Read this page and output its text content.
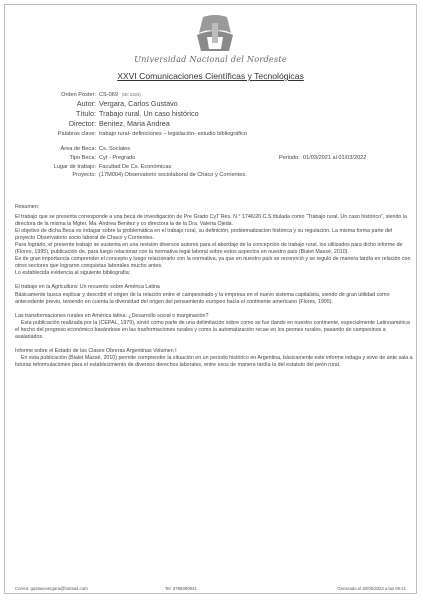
Universidad Nacional del Nordeste
XXVI Comunicaciones Científicas y Tecnológicas
Orden Poster: CS-069 (ID: 2334)
Autor: Vergara, Carlos Gustavo
Título: Trabajo rural. Un caso histórico
Director: Benitez, Maria Andrea
Palabras clave: trabajo rural- definiciones – legislación- estudio bibliográfico
Área de Beca: Cs. Sociales
Tipo Beca: Cyt - Pregrado	Periodo: 01/03/2021 al 01/03/2022
Lugar de trabajo: Facultad De Cs. Económicas
Proyecto: (17M004) Observatorio sociolaboral de Chaco y Corrientes.

Resumen:

El trabajo que se presenta corresponde a una beca de investigación de Pre Grado CyT Res. N.° 1746/20 C.S titulada como “Trabajo rural. Un caso histórico”, siendo la directora de la misma la Mgter. Ma. Andrea Benitez y co directora la de la Dra. Valeria Ojeda.

El objetivo de dicha Beca es indagar sobre la problemática en el trabajo rural, su definición, problematizacion histórica y su regulación. La misma forma parte del proyecto Observatorio socio laboral de Chaco y Corrientes.

Para lograrlo, el presente trabajo se sustenta en una revisión diversos autores para el abordaje de la concepción de trabajo rural, los utilizados para dicho informe de (Flores, 1995), publicación de, para luego relacionar con la normativa legal laboral sobre estos aspectos en nuestro país (Bialet Massé, 2010).

Es de gran importancia comprender el concepto y luego relacionarlo con la normativa, ya que en nuestro país se reconoció y se reguló de manera tardía en relación con otros sectores que lograron conquistas laborales mucho antes.

Lo establecida evidencia al siguiente bibliografía:

El trabajo en la Agricultura: Un recuento sobre América Latina

Básicamente busca explicar y describir el origen de la relación entre el campesinado y la empresa en el nuevo sistema capitalista, siendo de gran utilidad como antecedente previo, teniendo en cuenta la diversidad del origen del pensamiento europeo hacia el continente americano (Flores, 1995).

Las transformaciones rurales en América latina: ¿Desarrollo social o marginación?

Esta publicación realizada por la (CEPAL, 1979), sirvió como parte de una delimitación sobre como se fue dando en nuestro continente, especialmente Latinoamérica el hecho del progreso económico basándose en las trasformaciones rurales y como la automatización recae en los peones rurales, pasando de campesinos a asalariados.

Informe sobre el Estado de las Clases Obreras Argentinas Volumen I

En esta publicación (Bialet Massé, 2010) permite comprender la situación en un periodo histórico en Argentina, básicamente este informe indaga y sirve de ante sala a futuras reformulaciones para el establecimiento de diversos derechos laborales, entre esos de manera tardía la del estatuto del peón rural.

Correo: gustavovergara@hotmail.com	Tel: 3795000941	Generado el 30/06/2023 a las 09:41
